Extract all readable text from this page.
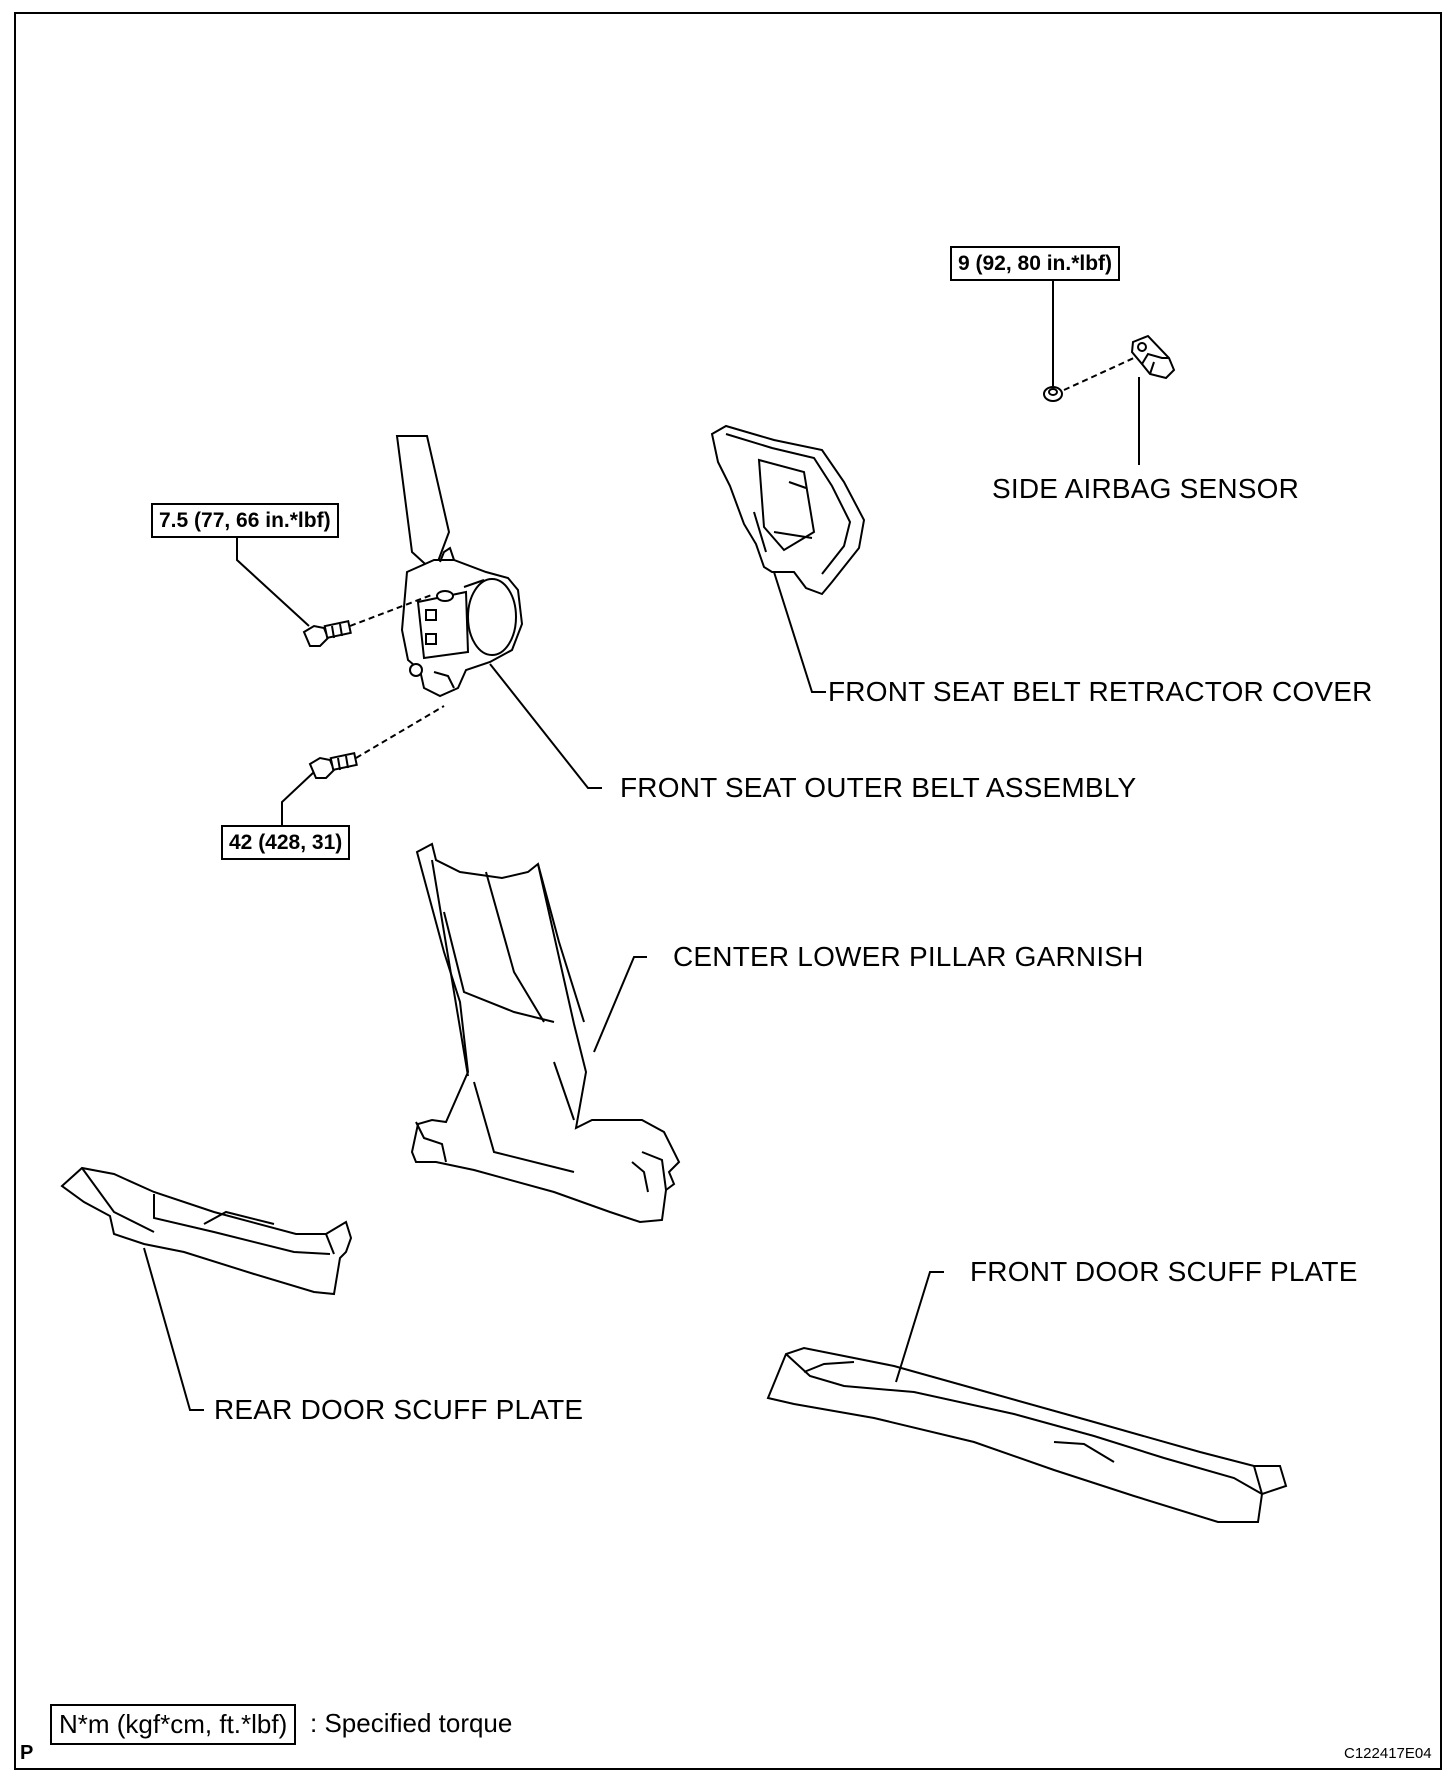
9 (92, 80 in.*lbf)
7.5 (77, 66 in.*lbf)
42 (428, 31)
SIDE AIRBAG SENSOR
FRONT SEAT BELT RETRACTOR COVER
FRONT SEAT OUTER BELT ASSEMBLY
CENTER LOWER PILLAR GARNISH
FRONT DOOR SCUFF PLATE
REAR DOOR SCUFF PLATE
N*m (kgf*cm, ft.*lbf) : Specified torque
P	C122417E04
